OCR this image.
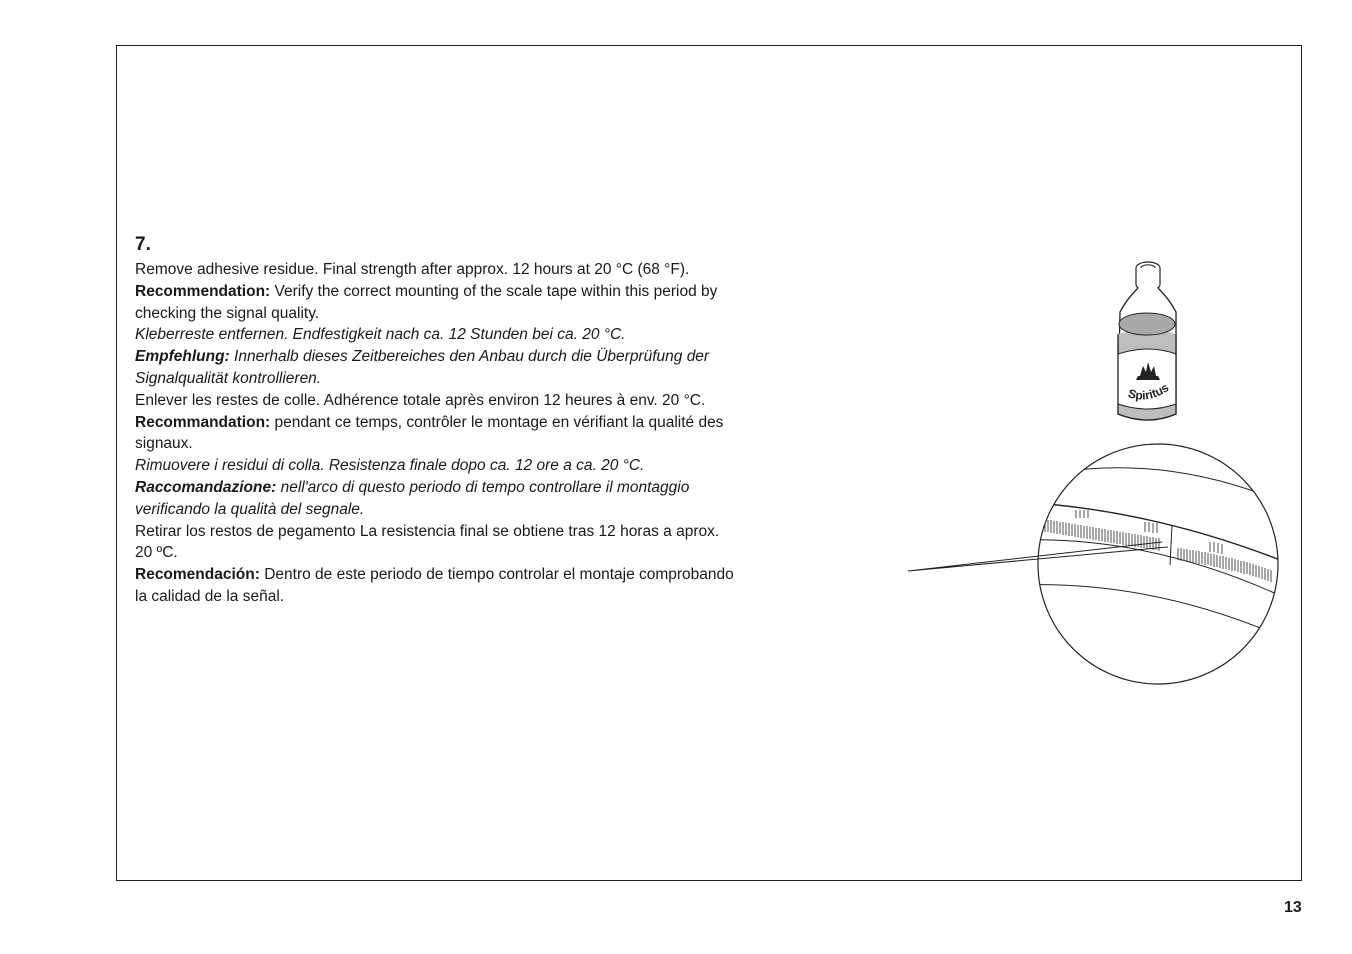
7.

Remove adhesive residue. Final strength after approx. 12 hours at 20 °C (68 °F).
Recommendation: Verify the correct mounting of the scale tape within this period by checking the signal quality.

Kleberreste entfernen. Endfestigkeit nach ca. 12 Stunden bei ca. 20 °C.
Empfehlung: Innerhalb dieses Zeitbereiches den Anbau durch die Überprüfung der Signalqualität kontrollieren.

Enlever les restes de colle. Adhérence totale après environ 12 heures à env. 20 °C.
Recommandation: pendant ce temps, contrôler le montage en vérifiant la qualité des signaux.

Rimuovere i residui di colla. Resistenza finale dopo ca. 12 ore a ca. 20 °C.
Raccomandazione: nell'arco di questo periodo di tempo controllare il montaggio verificando la qualità del segnale.

Retirar los restos de pegamento La resistencia final se obtiene tras 12 horas a aprox. 20 ºC.
Recomendación: Dentro de este periodo de tiempo controlar el montaje comprobando la calidad de la señal.

Spiritus
13
